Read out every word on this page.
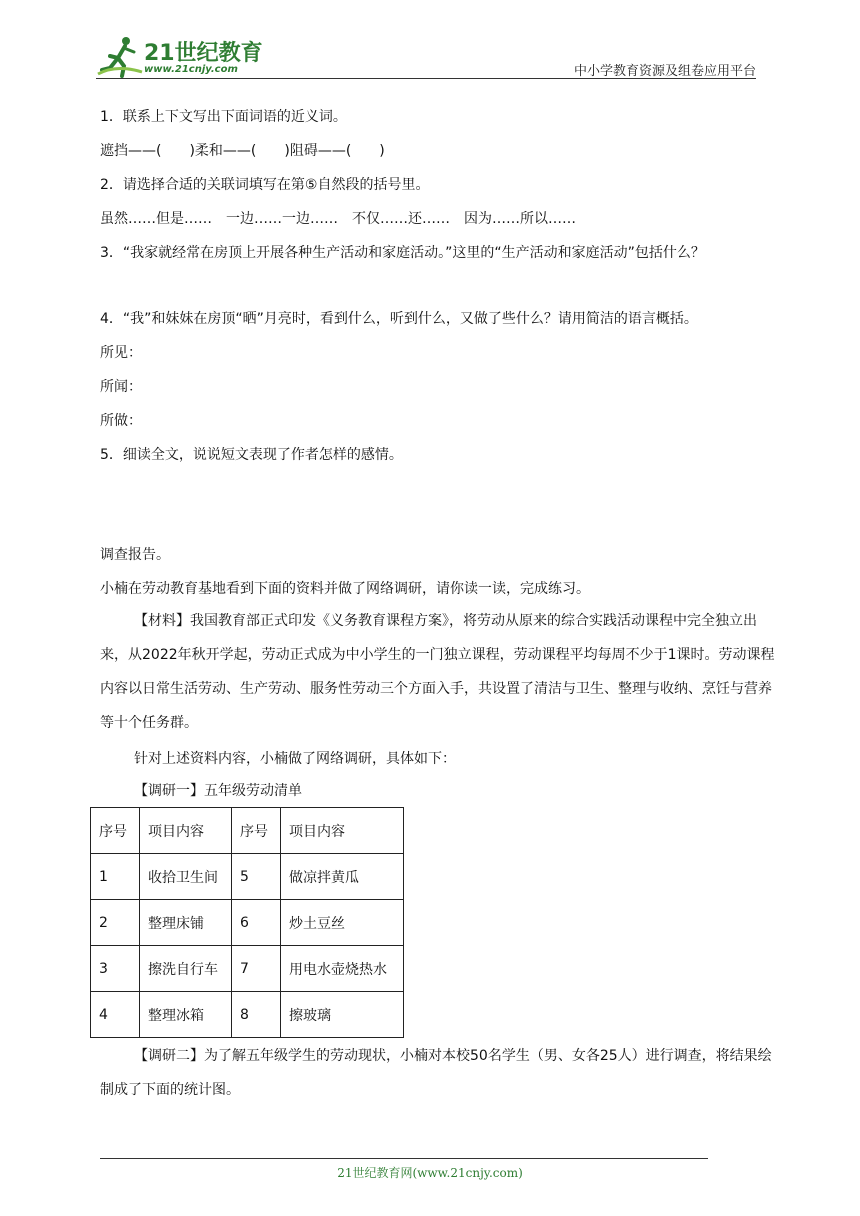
21世纪教育
www.21cnjy.com	中小学教育资源及组卷应用平台
1．联系上下文写出下面词语的近义词。
遮挡——(　　)柔和——(　　)阻碍——(　　)
2．请选择合适的关联词填写在第⑤自然段的括号里。
虽然……但是……　一边……一边……　不仅……还……　因为……所以……
3．“我家就经常在房顶上开展各种生产活动和家庭活动。”这里的“生产活动和家庭活动”包括什么？
4．“我”和妹妹在房顶“晒”月亮时，看到什么，听到什么，又做了些什么？请用简洁的语言概括。
所见：
所闻：
所做：
5．细读全文，说说短文表现了作者怎样的感情。
调查报告。
小楠在劳动教育基地看到下面的资料并做了网络调研，请你读一读，完成练习。
【材料】我国教育部正式印发《义务教育课程方案》，将劳动从原来的综合实践活动课程中完全独立出来，从2022年秋开学起，劳动正式成为中小学生的一门独立课程，劳动课程平均每周不少于1课时。劳动课程内容以日常生活劳动、生产劳动、服务性劳动三个方面入手，共设置了清洁与卫生、整理与收纳、烹饪与营养等十个任务群。
针对上述资料内容，小楠做了网络调研，具体如下：
【调研一】五年级劳动清单
序号	项目内容	序号	项目内容
1	收拾卫生间	5	做凉拌黄瓜
2	整理床铺	6	炒土豆丝
3	擦洗自行车	7	用电水壶烧热水
4	整理冰箱	8	擦玻璃
【调研二】为了解五年级学生的劳动现状，小楠对本校50名学生（男、女各25人）进行调查，将结果绘制成了下面的统计图。
21世纪教育网(www.21cnjy.com)
